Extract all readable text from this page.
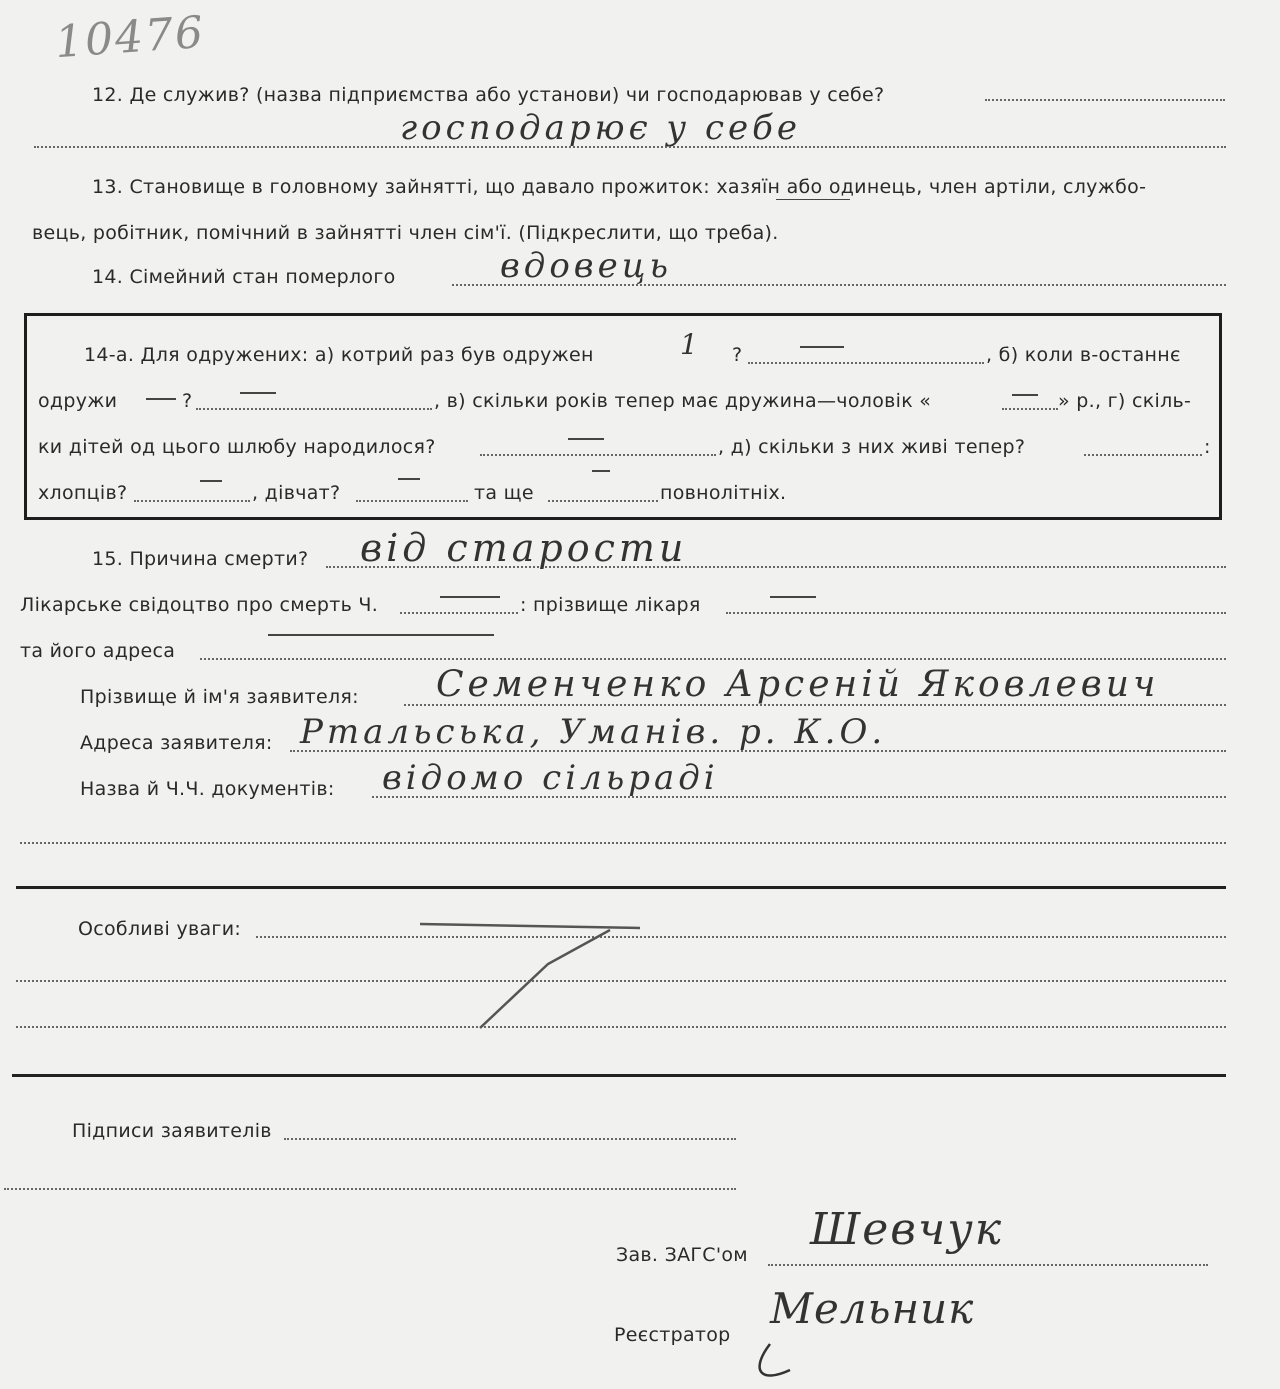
10476
12. Де служив? (назва підприємства або установи) чи господарював у себе?
господарює у себе
13. Становище в головному зайнятті, що давало прожиток: хазяїн або одинець, член артіли, службо-
вець, робітник, помічний в зайнятті член сім'ї. (Підкреслити, що треба).
14. Сімейний стан померлого	вдовець
14-а. Для одружених: а) котрий раз був одружен	1 ?	, б) коли в-останнє
одружи	?	, в) скільки років тепер має дружина—чоловік «	» р., г) скіль-
ки дітей од цього шлюбу народилося?	, д) скільки з них живі тепер?	:
хлопців?	, дівчат?	та ще	повнолітніх.
15. Причина смерти? від старости
Лікарське свідоцтво про смерть Ч.	: прізвище лікаря
та його адреса
Прізвище й ім'я заявителя: Семенченко Арсеній Яковлевич
Адреса заявителя: Ртальська, Уманів. р. К.О.
Назва й Ч.Ч. документів: відомо сільраді
Особливі уваги:
Підписи заявителів
Зав. ЗАГС'ом Шевчук
Реєстратор
Мельник
